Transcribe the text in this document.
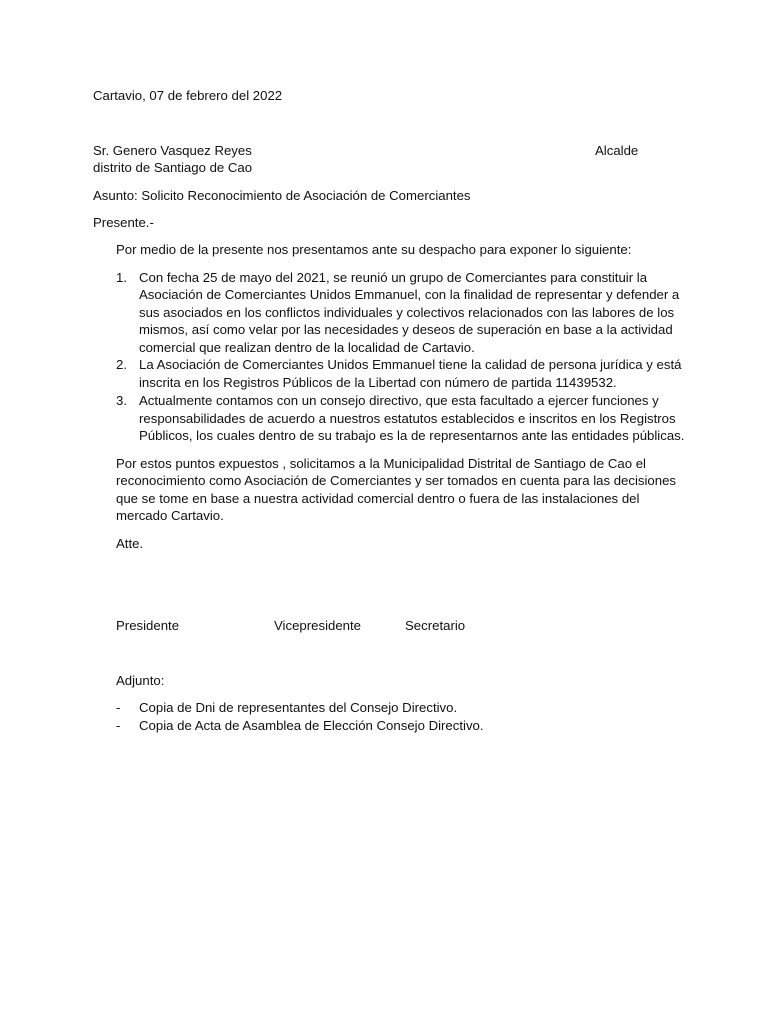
Cartavio, 07 de febrero del 2022
Sr. Genero Vasquez Reyes	Alcalde
distrito de Santiago de Cao
Asunto: Solicito Reconocimiento de Asociación de Comerciantes
Presente.-
Por medio de la presente nos presentamos ante su despacho para exponer lo siguiente:
1. Con fecha 25 de mayo del 2021, se reunió un grupo de Comerciantes para constituir la
Asociación de Comerciantes Unidos Emmanuel, con la finalidad de representar y defender a
sus asociados en los conflictos individuales y colectivos relacionados con las labores de los
mismos, así como velar por las necesidades y deseos de superación en base a la actividad
comercial que realizan dentro de la localidad de Cartavio.
2. La Asociación de Comerciantes Unidos Emmanuel tiene la calidad de persona jurídica y está
inscrita en los Registros Públicos de la Libertad con número de partida 11439532.
3. Actualmente contamos con un consejo directivo, que esta facultado a ejercer funciones y
responsabilidades de acuerdo a nuestros estatutos establecidos e inscritos en los Registros
Públicos, los cuales dentro de su trabajo es la de representarnos ante las entidades públicas.
Por estos puntos expuestos , solicitamos a la Municipalidad Distrital de Santiago de Cao el
reconocimiento como Asociación de Comerciantes y ser tomados en cuenta para las decisiones
que se tome en base a nuestra actividad comercial dentro o fuera de las instalaciones del
mercado Cartavio.
Atte.
Presidente	Vicepresidente	Secretario
Adjunto:
- Copia de Dni de representantes del Consejo Directivo.
- Copia de Acta de Asamblea de Elección Consejo Directivo.
